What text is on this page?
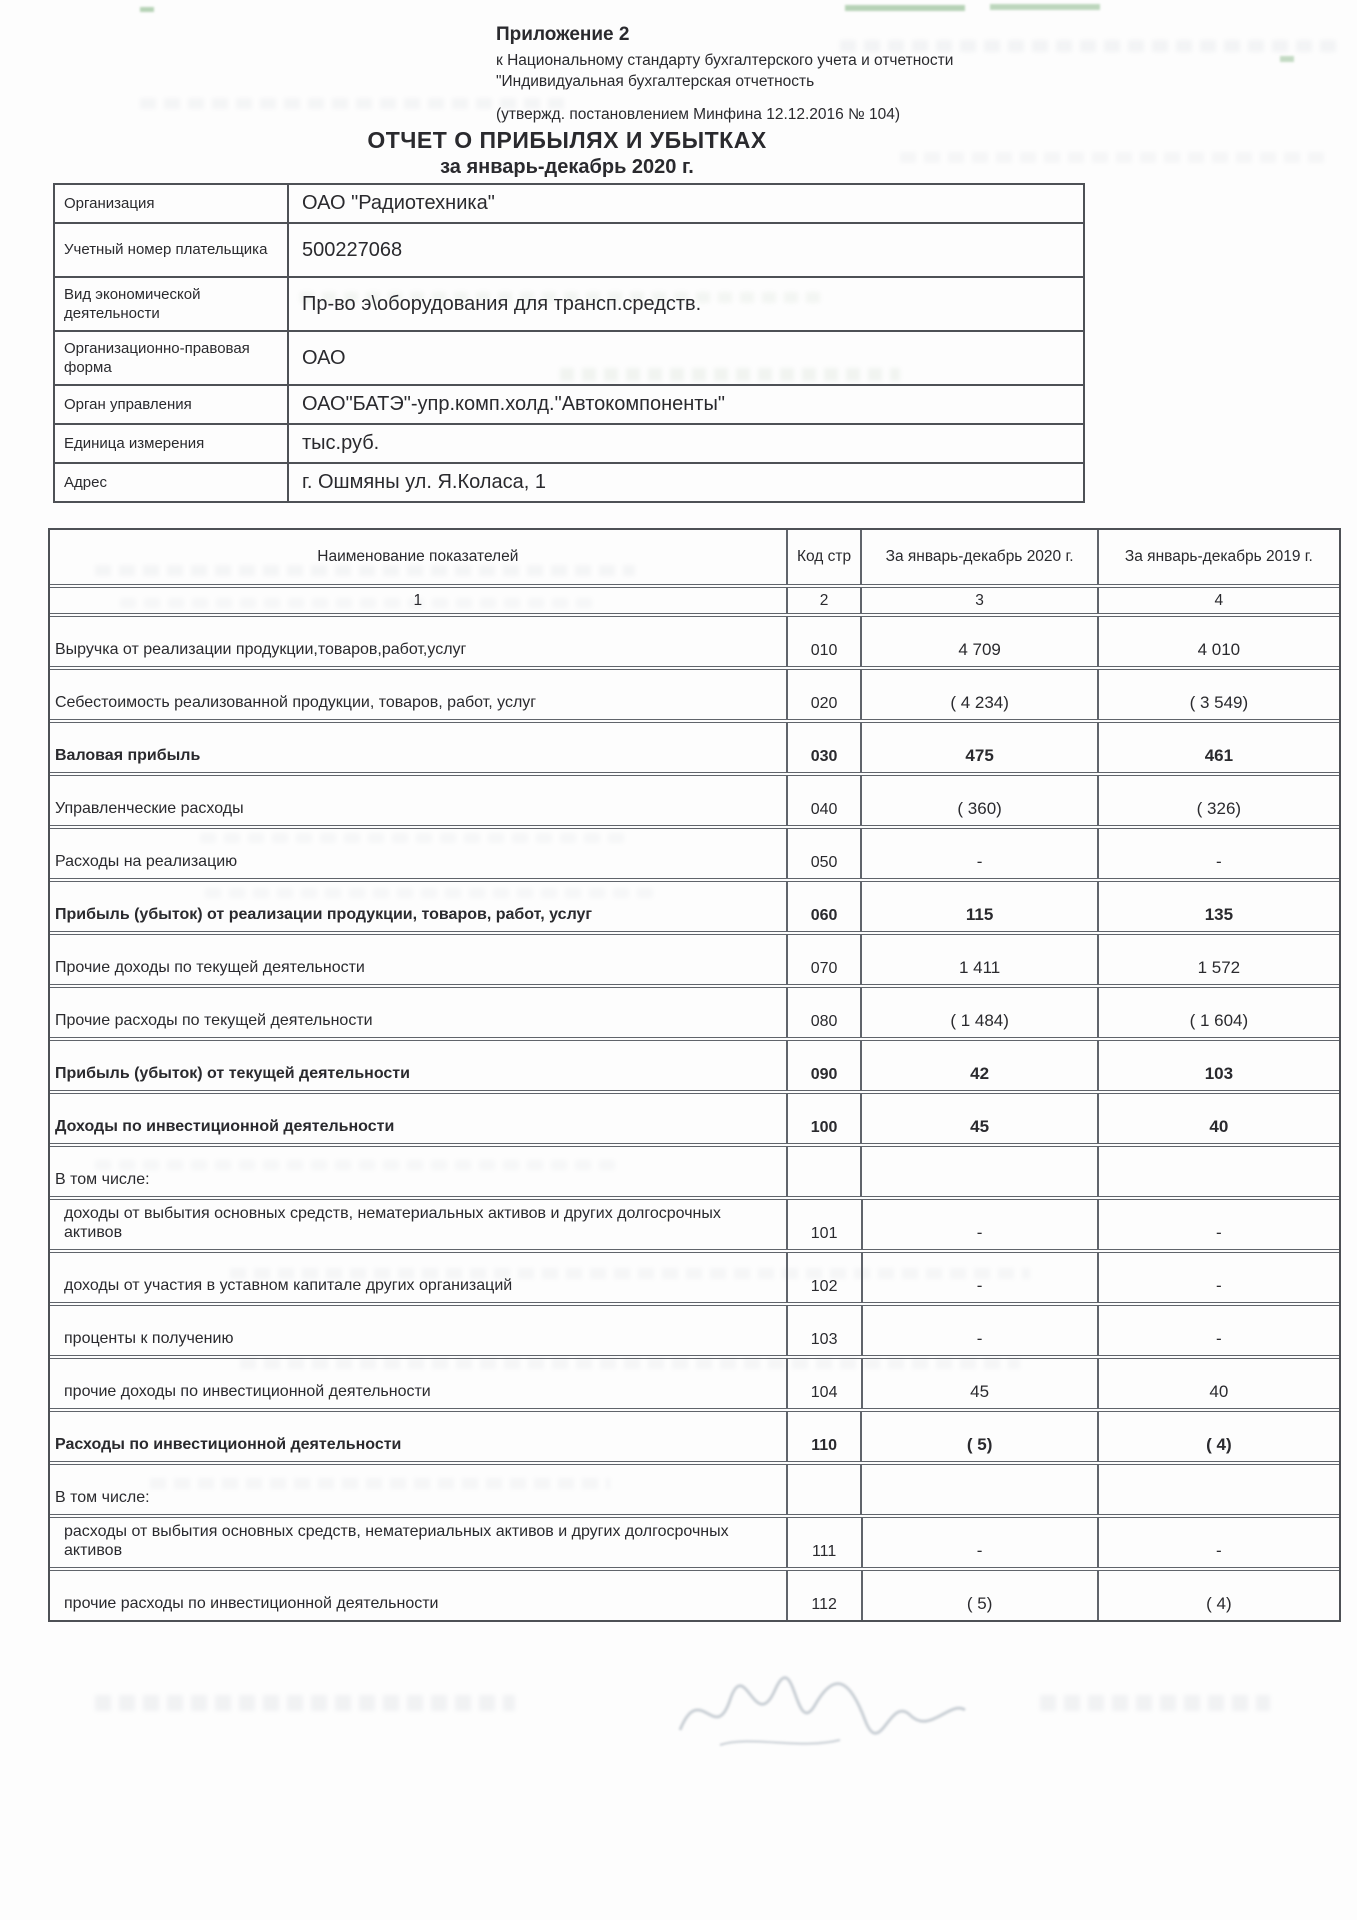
Приложение 2
к Национальному стандарту бухгалтерского учета и отчетности
"Индивидуальная бухгалтерская отчетность
(утвержд. постановлением Минфина 12.12.2016 № 104)
ОТЧЕТ О ПРИБЫЛЯХ И УБЫТКАХ
за январь-декабрь 2020 г.
Организация	ОАО "Радиотехника"
Учетный номер плательщика	500227068
Вид экономической деятельности	Пр-во э\оборудования для трансп.средств.
Организационно-правовая форма	ОАО
Орган управления	ОАО"БАТЭ"-упр.комп.холд."Автокомпоненты"
Единица измерения	тыс.руб.
Адрес	г. Ошмяны ул. Я.Коласа, 1
Наименование показателей	Код стр	За январь-декабрь 2020 г.	За январь-декабрь 2019 г.
1	2	3	4
Выручка от реализации продукции,товаров,работ,услуг	010	4 709	4 010
Себестоимость реализованной продукции, товаров, работ, услуг	020	( 4 234)	( 3 549)
Валовая прибыль	030	475	461
Управленческие расходы	040	( 360)	( 326)
Расходы на реализацию	050	-	-
Прибыль (убыток) от реализации продукции, товаров, работ, услуг	060	115	135
Прочие доходы по текущей деятельности	070	1 411	1 572
Прочие расходы по текущей деятельности	080	( 1 484)	( 1 604)
Прибыль (убыток) от текущей деятельности	090	42	103
Доходы по инвестиционной деятельности	100	45	40
В том числе:
доходы от выбытия основных средств, нематериальных активов и других долгосрочных активов	101	-	-
доходы от участия в уставном капитале других организаций	102	-	-
проценты к получению	103	-	-
прочие доходы по инвестиционной деятельности	104	45	40
Расходы по инвестиционной деятельности	110	( 5)	( 4)
В том числе:
расходы от выбытия основных средств, нематериальных активов и других долгосрочных активов	111	-	-
прочие расходы по инвестиционной деятельности	112	( 5)	( 4)
